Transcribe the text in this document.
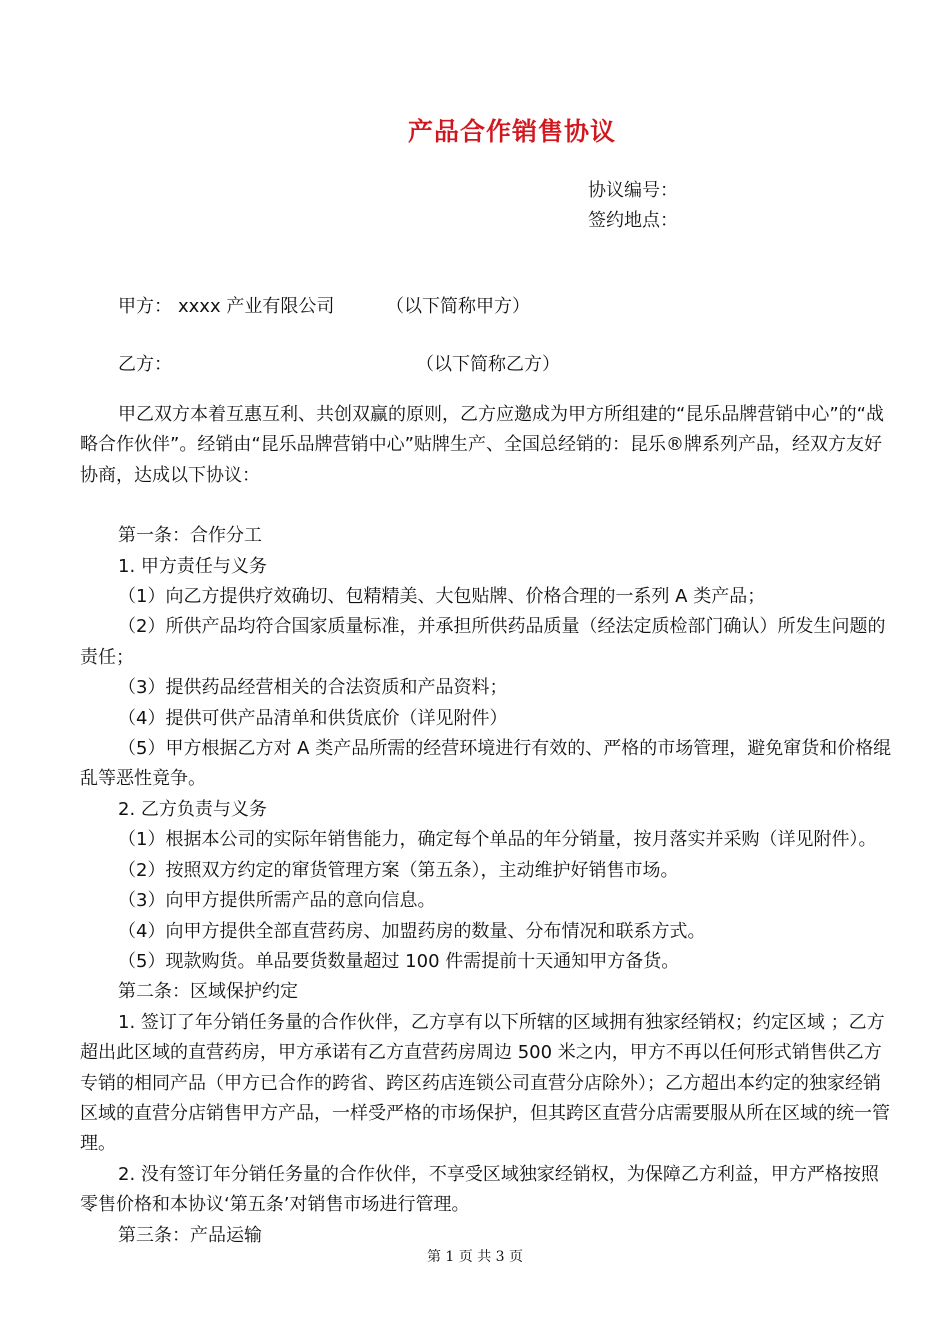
产品合作销售协议
协议编号：
签约地点：
甲方： xxxx 产业有限公司	（以下简称甲方）
乙方：	（以下简称乙方）

甲乙双方本着互惠互利、共创双赢的原则，乙方应邀成为甲方所组建的“昆乐品牌营销中心”的“战略合作伙伴”。经销由“昆乐品牌营销中心”贴牌生产、全国总经销的：昆乐®牌系列产品，经双方友好协商，达成以下协议：

第一条：合作分工

1. 甲方责任与义务

（1）向乙方提供疗效确切、包精精美、大包贴牌、价格合理的一系列 A 类产品；

（2）所供产品均符合国家质量标准，并承担所供药品质量（经法定质检部门确认）所发生问题的责任；

（3）提供药品经营相关的合法资质和产品资料；

（4）提供可供产品清单和供货底价（详见附件）

（5）甲方根据乙方对 A 类产品所需的经营环境进行有效的、严格的市场管理，避免窜货和价格绲乱等恶性竟争。

2. 乙方负责与义务

（1）根据本公司的实际年销售能力，确定每个单品的年分销量，按月落实并采购（详见附件）。

（2）按照双方约定的窜货管理方案（第五条），主动维护好销售市场。

（3）向甲方提供所需产品的意向信息。

（4）向甲方提供全部直营药房、加盟药房的数量、分布情况和联系方式。

（5）现款购货。单品要货数量超过 100 件需提前十天通知甲方备货。

第二条：区域保护约定

1. 签订了年分销任务量的合作伙伴，乙方享有以下所辖的区域拥有独家经销权；约定区域 ；乙方超出此区域的直营药房，甲方承诺有乙方直营药房周边 500 米之内，甲方不再以任何形式销售供乙方专销的相同产品（甲方已合作的跨省、跨区药店连锁公司直营分店除外）；乙方超出本约定的独家经销区域的直营分店销售甲方产品，一样受严格的市场保护，但其跨区直营分店需要服从所在区域的统一管理。

2. 没有签订年分销任务量的合作伙伴，不享受区域独家经销权，为保障乙方利益，甲方严格按照零售价格和本协议‘第五条’对销售市场进行管理。

第三条：产品运输

第 1 页 共 3 页
